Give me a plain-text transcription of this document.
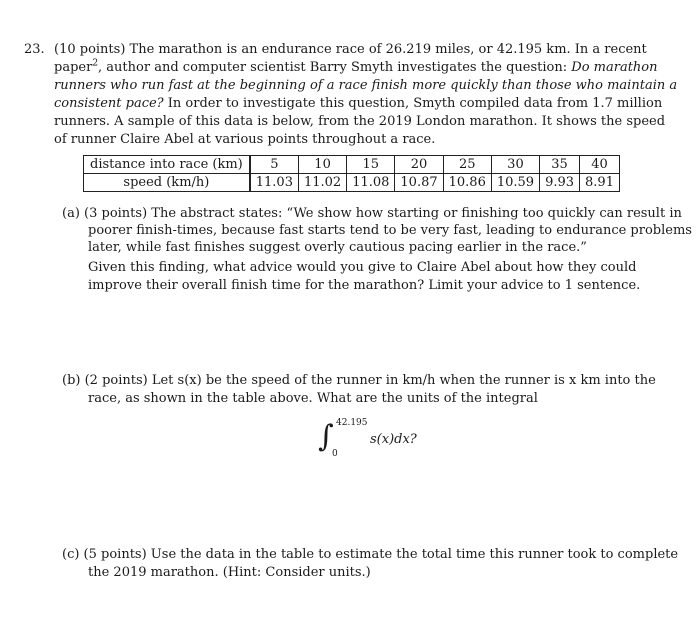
23. (10 points) The marathon is an endurance race of 26.219 miles, or 42.195 km. In a recent
paper$^2$, author and computer scientist Barry Smyth investigates the question: Do marathon
runners who run fast at the beginning of a race finish more quickly than those who maintain a
consistent pace? In order to investigate this question, Smyth compiled data from 1.7 million
runners. A sample of this data is below, from the 2019 London marathon. It shows the speed
of runner Claire Abel at various points throughout a race.
distance into race (km)	5	10	15	20	25	30	35	40
speed (km/h)	11.03	11.02	11.08	10.87	10.86	10.59	9.93	8.91
(a) (3 points) The abstract states: “We show how starting or finishing too quickly can result in
poorer finish-times, because fast starts tend to be very fast, leading to endurance problems
later, while fast finishes suggest overly cautious pacing earlier in the race.”
Given this finding, what advice would you give to Claire Abel about how they could
improve their overall finish time for the marathon? Limit your advice to 1 sentence.
(b) (2 points) Let s(x) be the speed of the runner in km/h when the runner is x km into the
race, as shown in the table above. What are the units of the integral
∫ 42.195
0
s(x)dx?
(c) (5 points) Use the data in the table to estimate the total time this runner took to complete
the 2019 marathon. (Hint: Consider units.)
